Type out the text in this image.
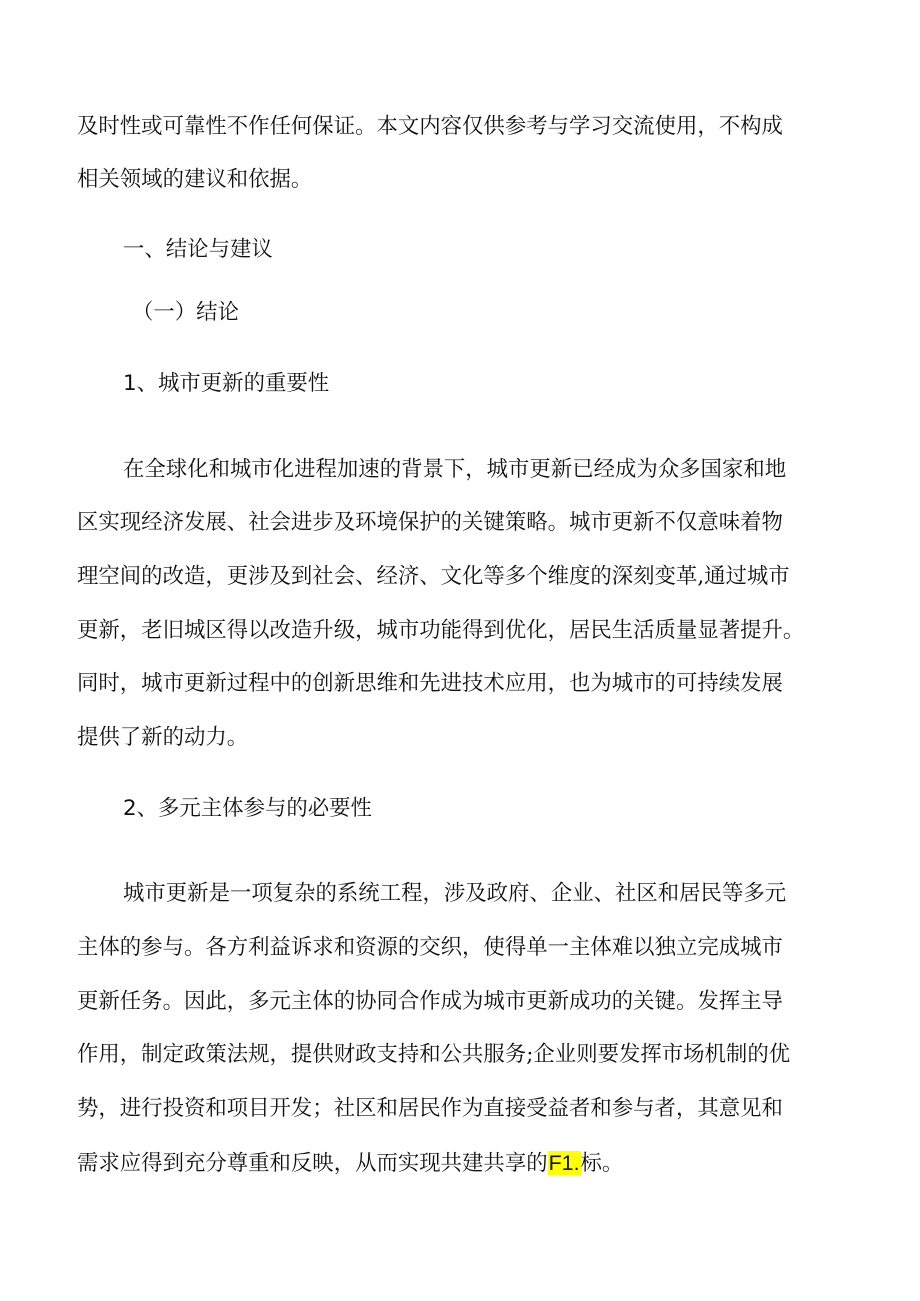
及时性或可靠性不作任何保证。本文内容仅供参考与学习交流使用，不构成
相关领域的建议和依据。
一、结论与建议
（一）结论
1、城市更新的重要性
在全球化和城市化进程加速的背景下，城市更新已经成为众多国家和地
区实现经济发展、社会进步及环境保护的关键策略。城市更新不仅意味着物
理空间的改造，更涉及到社会、经济、文化等多个维度的深刻变革,通过城市
更新，老旧城区得以改造升级，城市功能得到优化，居民生活质量显著提升。
同时，城市更新过程中的创新思维和先进技术应用，也为城市的可持续发展
提供了新的动力。
2、多元主体参与的必要性
城市更新是一项复杂的系统工程，涉及政府、企业、社区和居民等多元
主体的参与。各方利益诉求和资源的交织，使得单一主体难以独立完成城市
更新任务。因此，多元主体的协同合作成为城市更新成功的关键。发挥主导
作用，制定政策法规，提供财政支持和公共服务;企业则要发挥市场机制的优
势，进行投资和项目开发；社区和居民作为直接受益者和参与者，其意见和
需求应得到充分尊重和反映，从而实现共建共享的F1.标。
